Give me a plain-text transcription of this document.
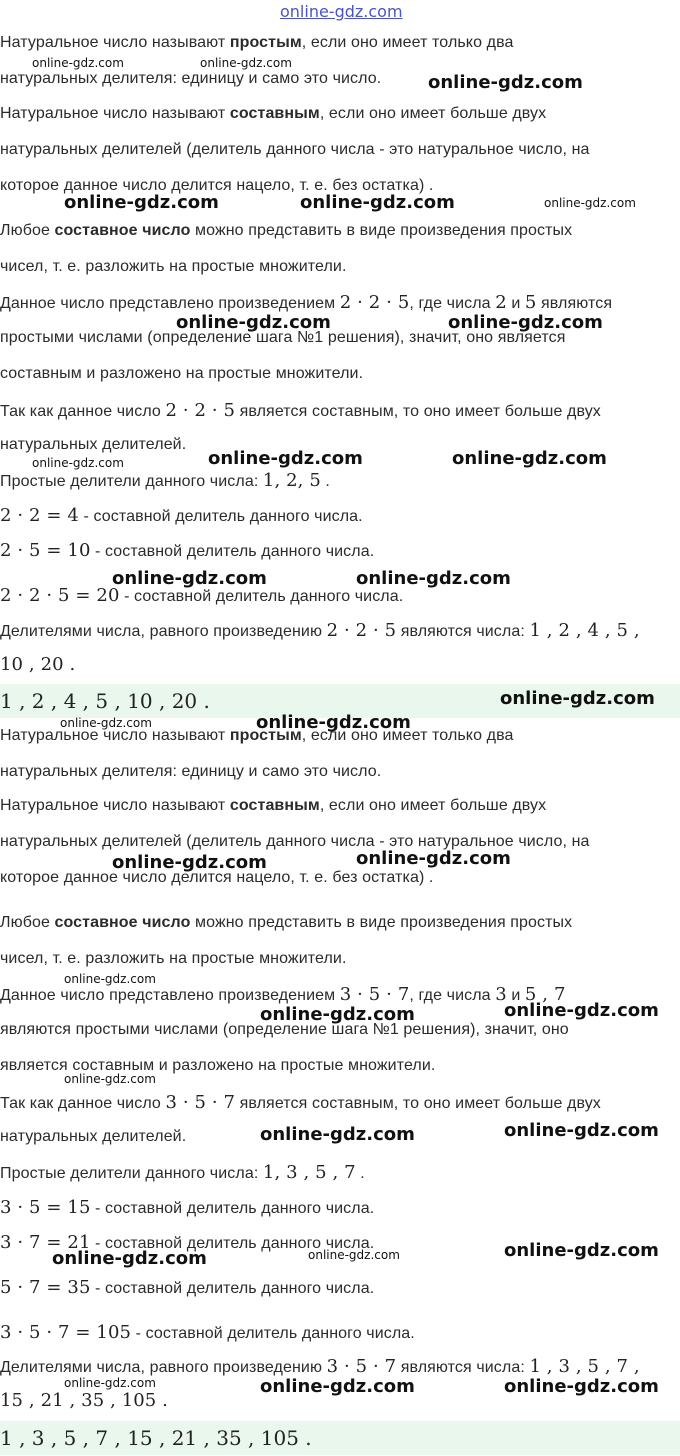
Натуральное число называют простым, если оно имеет только два
натуральных делителя: единицу и само это число.
Натуральное число называют составным, если оно имеет больше двух
натуральных делителей (делитель данного числа - это натуральное число, на
которое данное число делится нацело, т. е. без остатка) .
Любое составное число можно представить в виде произведения простых
чисел, т. е. разложить на простые множители.
Данное число представлено произведением 2 · 2 · 5, где числа 2 и 5 являются
простыми числами (определение шага №1 решения), значит, оно является
составным и разложено на простые множители.
Так как данное число 2 · 2 · 5 является составным, то оно имеет больше двух
натуральных делителей.
Простые делители данного числа: 1, 2, 5 .
2 · 2 = 4 - составной делитель данного числа.
2 · 5 = 10 - составной делитель данного числа.
2 · 2 · 5 = 20 - составной делитель данного числа.
Делителями числа, равного произведению 2 · 2 · 5 являются числа: 1 , 2 , 4 , 5 ,
10 , 20 .
1 , 2 , 4 , 5 , 10 , 20 .
Натуральное число называют простым, если оно имеет только два
натуральных делителя: единицу и само это число.
Натуральное число называют составным, если оно имеет больше двух
натуральных делителей (делитель данного числа - это натуральное число, на
которое данное число делится нацело, т. е. без остатка) .
Любое составное число можно представить в виде произведения простых
чисел, т. е. разложить на простые множители.
Данное число представлено произведением 3 · 5 · 7, где числа 3 и 5 , 7
являются простыми числами (определение шага №1 решения), значит, оно
является составным и разложено на простые множители.
Так как данное число 3 · 5 · 7 является составным, то оно имеет больше двух
натуральных делителей.
Простые делители данного числа: 1, 3 , 5 , 7 .
3 · 5 = 15 - составной делитель данного числа.
3 · 7 = 21 - составной делитель данного числа.
5 · 7 = 35 - составной делитель данного числа.
3 · 5 · 7 = 105 - составной делитель данного числа.
Делителями числа, равного произведению 3 · 5 · 7 являются числа: 1 , 3 , 5 , 7 ,
15 , 21 , 35 , 105 .
1 , 3 , 5 , 7 , 15 , 21 , 35 , 105 .
online-gdz.com
online-gdz.com	online-gdz.com
online-gdz.com
online-gdz.com	online-gdz.com	online-gdz.com
online-gdz.com	online-gdz.com
online-gdz.com	online-gdz.com	online-gdz.com
online-gdz.com	online-gdz.com
online-gdz.com
online-gdz.com	online-gdz.com
online-gdz.com	online-gdz.com
online-gdz.com
online-gdz.com
online-gdz.com
online-gdz.com
online-gdz.com	online-gdz.com
online-gdz.com	online-gdz.com	online-gdz.com
online-gdz.com	online-gdz.com	online-gdz.com
